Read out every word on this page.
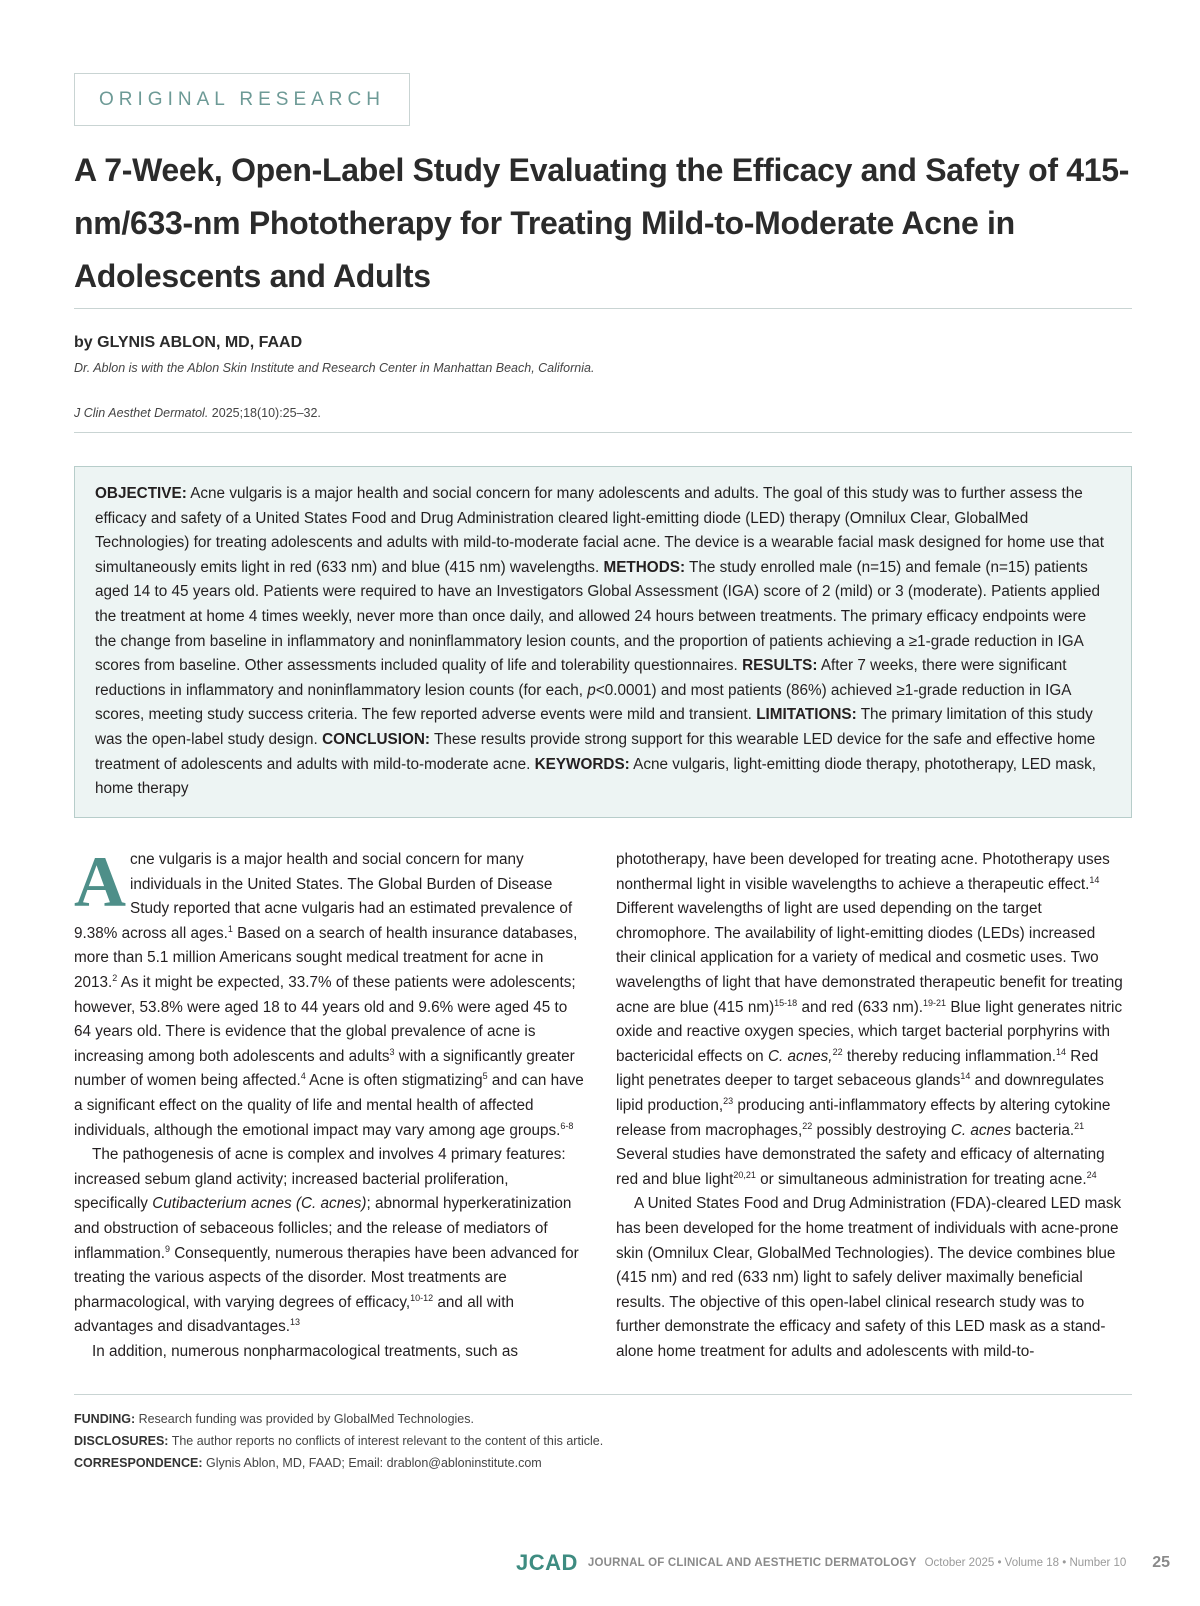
ORIGINAL RESEARCH
A 7-Week, Open-Label Study Evaluating the Efficacy and Safety of 415-nm/633-nm Phototherapy for Treating Mild-to-Moderate Acne in Adolescents and Adults
by GLYNIS ABLON, MD, FAAD
Dr. Ablon is with the Ablon Skin Institute and Research Center in Manhattan Beach, California.
J Clin Aesthet Dermatol. 2025;18(10):25–32.

OBJECTIVE: Acne vulgaris is a major health and social concern for many adolescents and adults. The goal of this study was to further assess the efficacy and safety of a United States Food and Drug Administration cleared light-emitting diode (LED) therapy (Omnilux Clear, GlobalMed Technologies) for treating adolescents and adults with mild-to-moderate facial acne. The device is a wearable facial mask designed for home use that simultaneously emits light in red (633 nm) and blue (415 nm) wavelengths. METHODS: The study enrolled male (n=15) and female (n=15) patients aged 14 to 45 years old. Patients were required to have an Investigators Global Assessment (IGA) score of 2 (mild) or 3 (moderate). Patients applied the treatment at home 4 times weekly, never more than once daily, and allowed 24 hours between treatments. The primary efficacy endpoints were the change from baseline in inflammatory and noninflammatory lesion counts, and the proportion of patients achieving a ≥1-grade reduction in IGA scores from baseline. Other assessments included quality of life and tolerability questionnaires. RESULTS: After 7 weeks, there were significant reductions in inflammatory and noninflammatory lesion counts (for each, p<0.0001) and most patients (86%) achieved ≥1-grade reduction in IGA scores, meeting study success criteria. The few reported adverse events were mild and transient. LIMITATIONS: The primary limitation of this study was the open-label study design. CONCLUSION: These results provide strong support for this wearable LED device for the safe and effective home treatment of adolescents and adults with mild-to-moderate acne. KEYWORDS: Acne vulgaris, light-emitting diode therapy, phototherapy, LED mask, home therapy

Acne vulgaris is a major health and social concern for many individuals in the United States. The Global Burden of Disease Study reported that acne vulgaris had an estimated prevalence of 9.38% across all ages.$^1$ Based on a search of health insurance databases, more than 5.1 million Americans sought medical treatment for acne in 2013.$^2$ As it might be expected, 33.7% of these patients were adolescents; however, 53.8% were aged 18 to 44 years old and 9.6% were aged 45 to 64 years old. There is evidence that the global prevalence of acne is increasing among both adolescents and adults$^3$ with a significantly greater number of women being affected.$^4$ Acne is often stigmatizing$^5$ and can have a significant effect on the quality of life and mental health of affected individuals, although the emotional impact may vary among age groups.$^{6-8}$

The pathogenesis of acne is complex and involves 4 primary features: increased sebum gland activity; increased bacterial proliferation, specifically Cutibacterium acnes (C. acnes); abnormal hyperkeratinization and obstruction of sebaceous follicles; and the release of mediators of inflammation.$^9$ Consequently, numerous therapies have been advanced for treating the various aspects of the disorder. Most treatments are pharmacological, with varying degrees of efficacy,$^{10-12}$ and all with advantages and disadvantages.$^{13}$

In addition, numerous nonpharmacological treatments, such as

phototherapy, have been developed for treating acne. Phototherapy uses nonthermal light in visible wavelengths to achieve a therapeutic effect.$^{14}$ Different wavelengths of light are used depending on the target chromophore. The availability of light-emitting diodes (LEDs) increased their clinical application for a variety of medical and cosmetic uses. Two wavelengths of light that have demonstrated therapeutic benefit for treating acne are blue (415 nm)$^{15-18}$ and red (633 nm).$^{19-21}$ Blue light generates nitric oxide and reactive oxygen species, which target bacterial porphyrins with bactericidal effects on C. acnes,$^{22}$ thereby reducing inflammation.$^{14}$ Red light penetrates deeper to target sebaceous glands$^{14}$ and downregulates lipid production,$^{23}$ producing anti-inflammatory effects by altering cytokine release from macrophages,$^{22}$ possibly destroying C. acnes bacteria.$^{21}$ Several studies have demonstrated the safety and efficacy of alternating red and blue light$^{20,21}$ or simultaneous administration for treating acne.$^{24}$

A United States Food and Drug Administration (FDA)-cleared LED mask has been developed for the home treatment of individuals with acne-prone skin (Omnilux Clear, GlobalMed Technologies). The device combines blue (415 nm) and red (633 nm) light to safely deliver maximally beneficial results. The objective of this open-label clinical research study was to further demonstrate the efficacy and safety of this LED mask as a stand-alone home treatment for adults and adolescents with mild-to-

FUNDING: Research funding was provided by GlobalMed Technologies.
DISCLOSURES: The author reports no conflicts of interest relevant to the content of this article.
CORRESPONDENCE: Glynis Ablon, MD, FAAD; Email: drablon@abloninstitute.com
JCAD JOURNAL OF CLINICAL AND AESTHETIC DERMATOLOGY October 2025 • Volume 18 • Number 10 25
